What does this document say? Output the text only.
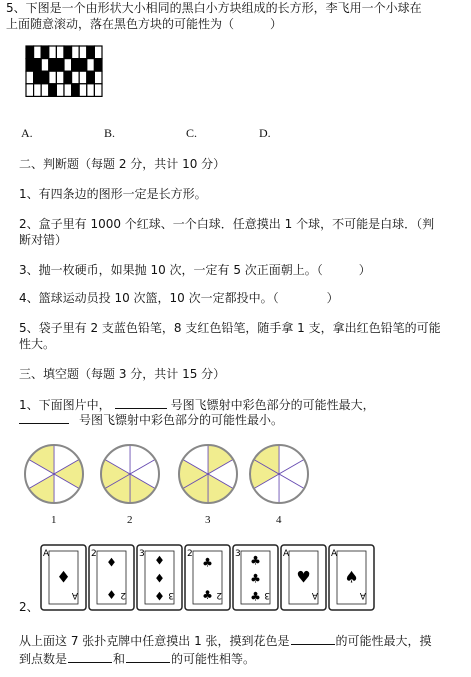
5、下图是一个由形状大小相同的黑白小方块组成的长方形，李飞用一个小球在
上面随意滚动，落在黑色方块的可能性为（　　　）
A.	B.	C.	D.
二、判断题（每题 2 分，共计 10 分）
1、有四条边的图形一定是长方形。
2、盒子里有 1000 个红球、一个白球．任意摸出 1 个球，不可能是白球．（判
断对错）
3、抛一枚硬币，如果抛 10 次，一定有 5 次正面朝上。（　　　）
4、篮球运动员投 10 次篮，10 次一定都投中。（　　　　）
5、袋子里有 2 支蓝色铅笔，8 支红色铅笔，随手拿 1 支，拿出红色铅笔的可能
性大。
三、填空题（每题 3 分，共计 15 分）
1、下面图片中，	号图飞镖射中彩色部分的可能性最大，
号图飞镖射中彩色部分的可能性最小。
1	2	3	4
2、
A
A
♦
2
2
♦
♦
3
3
♦
♦
♦
2
2
♣
♣
3
3
♣
♣
♣
A
A
♥
A
A
♠
从上面这 7 张扑克牌中任意摸出 1 张，摸到花色是	的可能性最大，摸
到点数是	和	的可能性相等。
